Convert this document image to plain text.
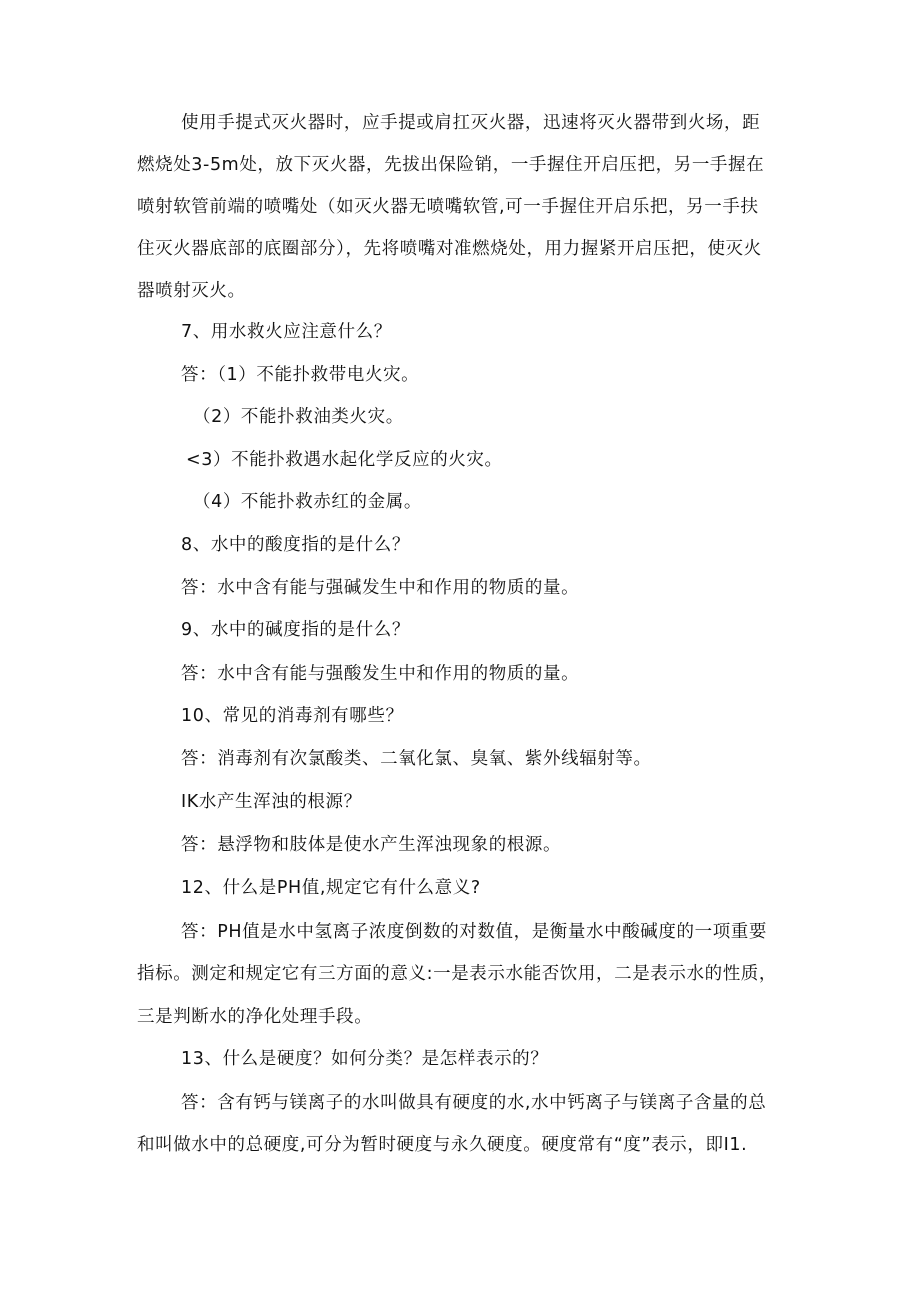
使用手提式灭火器时，应手提或肩扛灭火器，迅速将灭火器带到火场，距
燃烧处3-5m处，放下灭火器，先拔出保险销，一手握住开启压把，另一手握在
喷射软管前端的喷嘴处（如灭火器无喷嘴软管,可一手握住开启乐把，另一手扶
住灭火器底部的底圈部分），先将喷嘴对准燃烧处，用力握紧开启压把，使灭火
器喷射灭火。
7、用水救火应注意什么？
答：（1）不能扑救带电火灾。
（2）不能扑救油类火灾。
<3）不能扑救遇水起化学反应的火灾。
（4）不能扑救赤红的金属。
8、水中的酸度指的是什么？
答：水中含有能与强碱发生中和作用的物质的量。
9、水中的碱度指的是什么？
答：水中含有能与强酸发生中和作用的物质的量。
10、常见的消毒剂有哪些？
答：消毒剂有次氯酸类、二氧化氯、臭氧、紫外线辐射等。
IK水产生浑浊的根源？
答：悬浮物和肢体是使水产生浑浊现象的根源。
12、什么是PH值,规定它有什么意义?
答：PH值是水中氢离子浓度倒数的对数值，是衡量水中酸碱度的一项重要
指标。测定和规定它有三方面的意义:一是表示水能否饮用，二是表示水的性质，
三是判断水的净化处理手段。
13、什么是硬度？如何分类？是怎样表示的？
答：含有钙与镁离子的水叫做具有硬度的水,水中钙离子与镁离子含量的总
和叫做水中的总硬度,可分为暂时硬度与永久硬度。硬度常有“度”表示，即I1.
